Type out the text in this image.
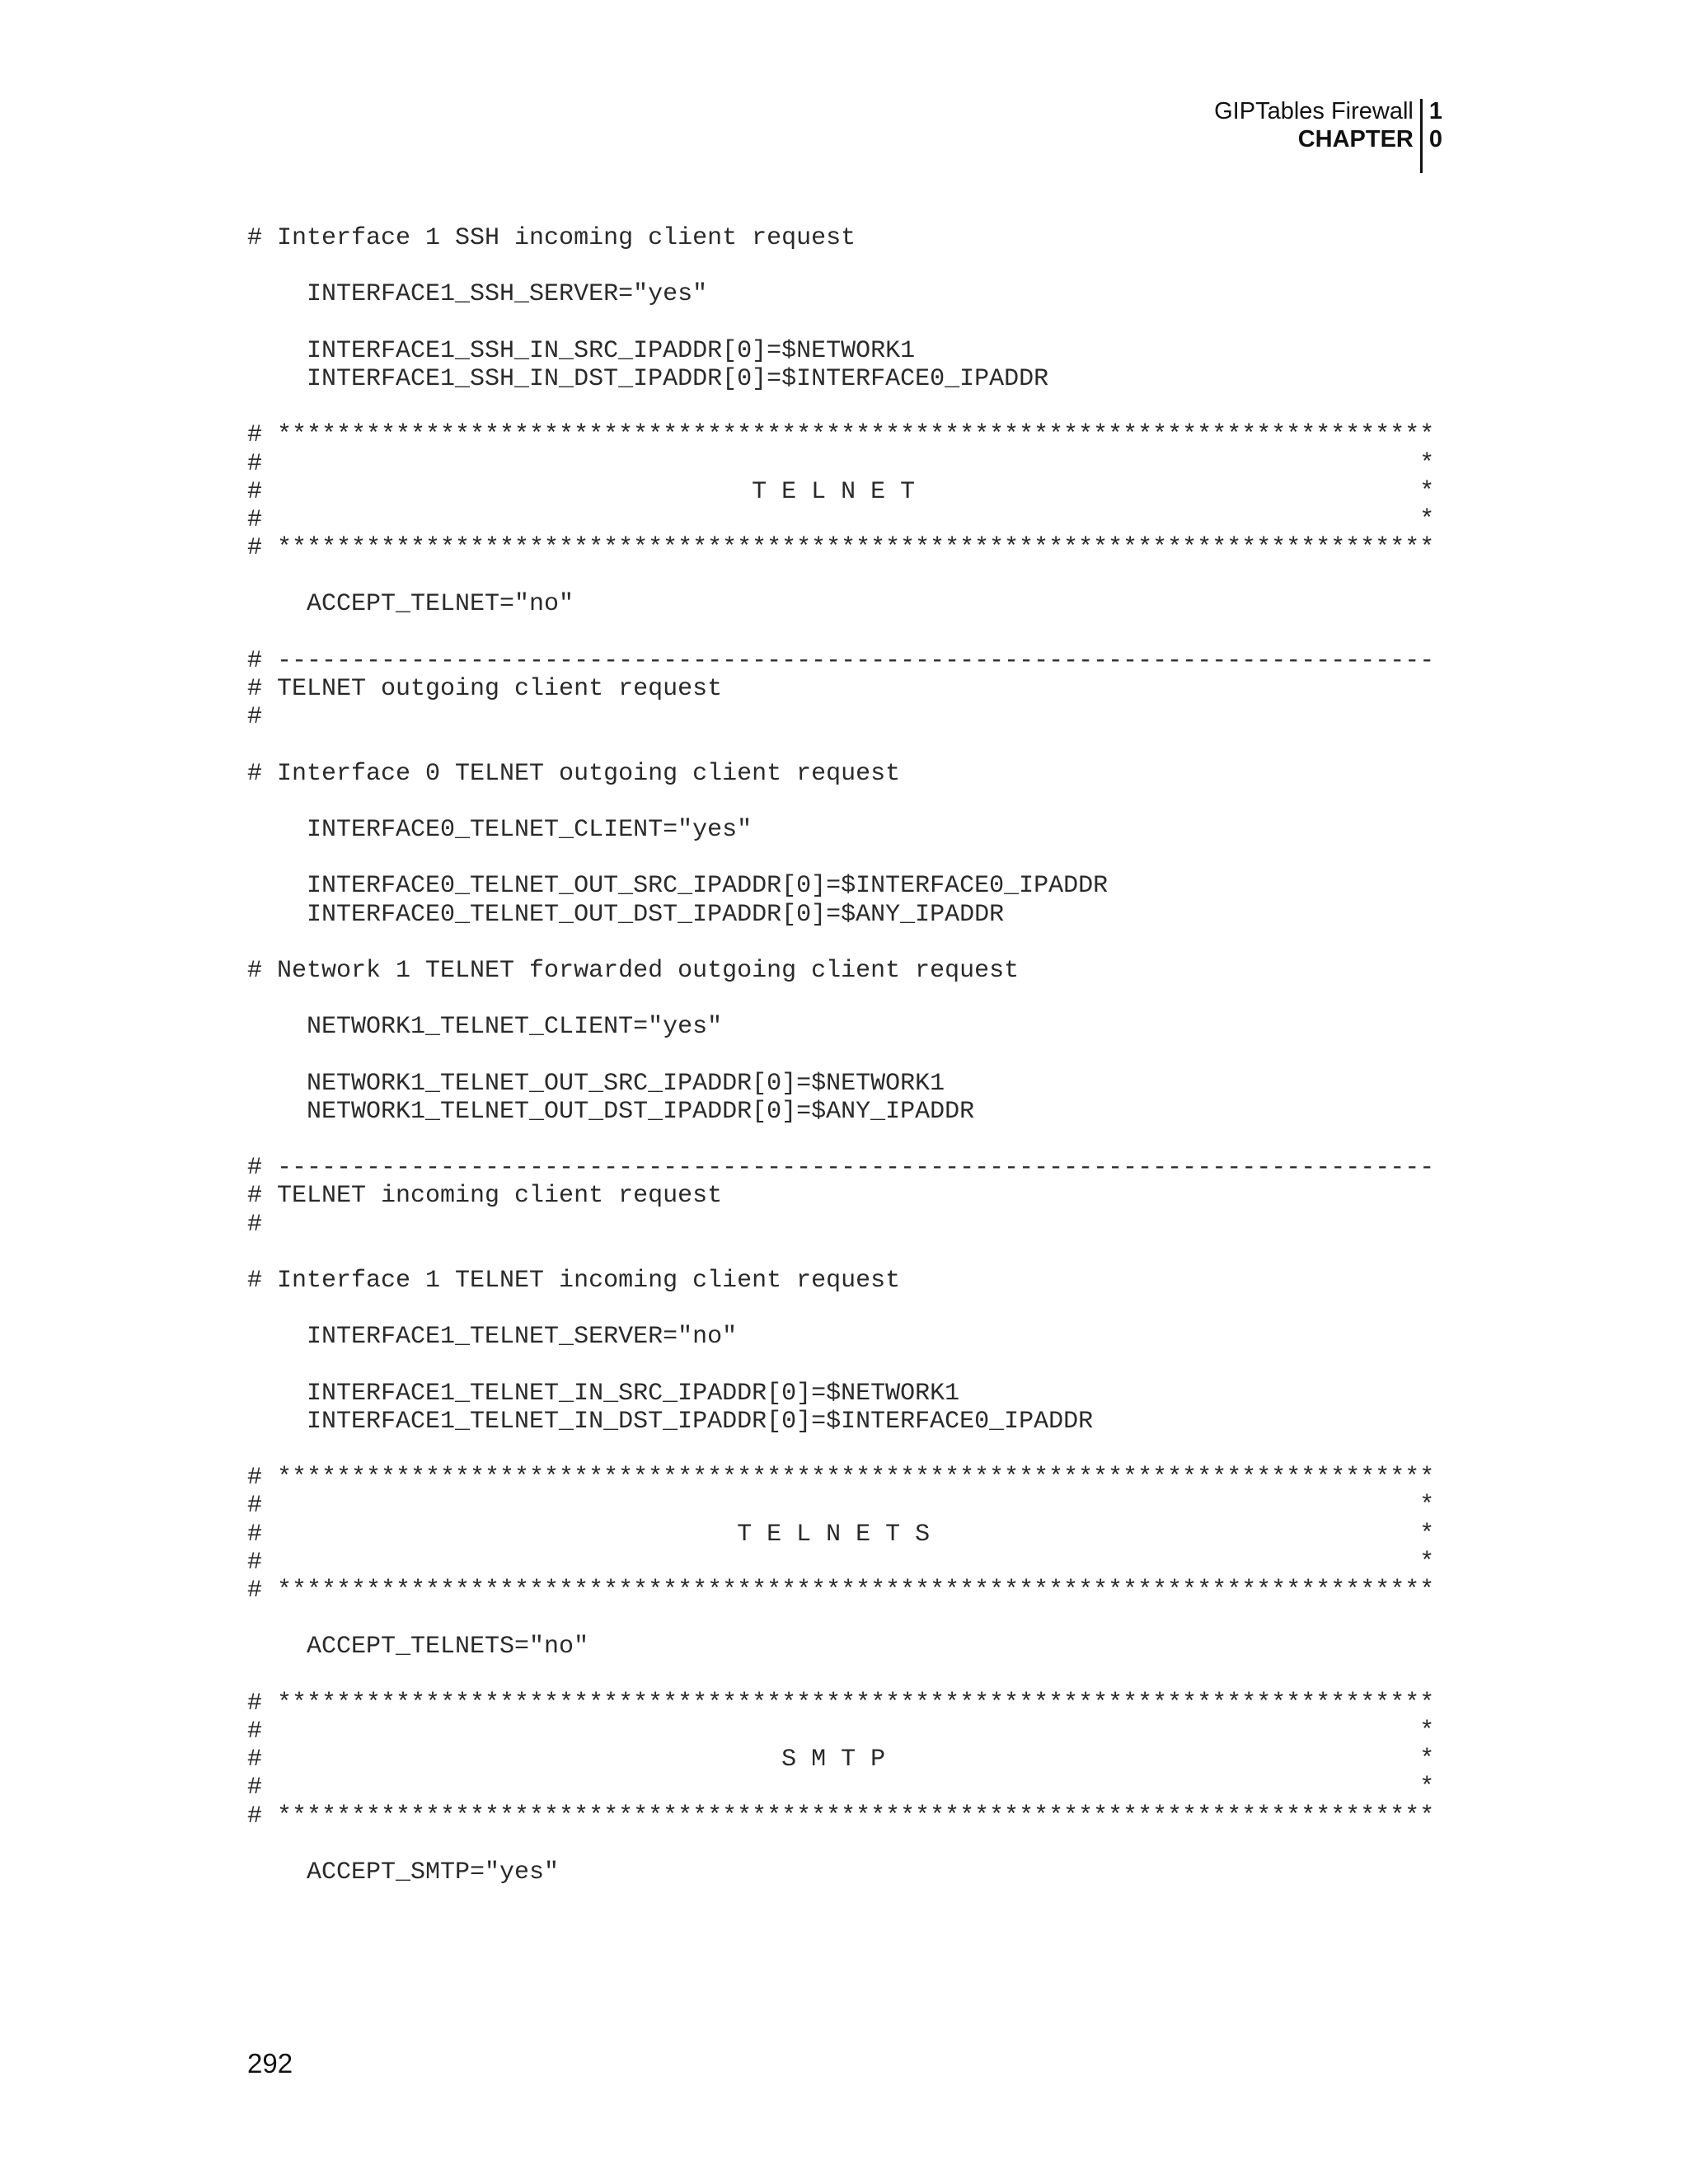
GIPTables Firewall
CHAPTER
1
0
# Interface 1 SSH incoming client request
INTERFACE1_SSH_SERVER="yes"
INTERFACE1_SSH_IN_SRC_IPADDR[0]=$NETWORK1
INTERFACE1_SSH_IN_DST_IPADDR[0]=$INTERFACE0_IPADDR
# ******************************************************************************
#                                                                              *
#                                 T E L N E T                                  *
#                                                                              *
# ******************************************************************************
ACCEPT_TELNET="no"
# ------------------------------------------------------------------------------
# TELNET outgoing client request
#
# Interface 0 TELNET outgoing client request
INTERFACE0_TELNET_CLIENT="yes"
INTERFACE0_TELNET_OUT_SRC_IPADDR[0]=$INTERFACE0_IPADDR
INTERFACE0_TELNET_OUT_DST_IPADDR[0]=$ANY_IPADDR
# Network 1 TELNET forwarded outgoing client request
NETWORK1_TELNET_CLIENT="yes"
NETWORK1_TELNET_OUT_SRC_IPADDR[0]=$NETWORK1
NETWORK1_TELNET_OUT_DST_IPADDR[0]=$ANY_IPADDR
# ------------------------------------------------------------------------------
# TELNET incoming client request
#
# Interface 1 TELNET incoming client request
INTERFACE1_TELNET_SERVER="no"
INTERFACE1_TELNET_IN_SRC_IPADDR[0]=$NETWORK1
INTERFACE1_TELNET_IN_DST_IPADDR[0]=$INTERFACE0_IPADDR
# ******************************************************************************
#                                                                              *
#                                T E L N E T S                                 *
#                                                                              *
# ******************************************************************************
ACCEPT_TELNETS="no"
# ******************************************************************************
#                                                                              *
#                                   S M T P                                    *
#                                                                              *
# ******************************************************************************
ACCEPT_SMTP="yes"
292
